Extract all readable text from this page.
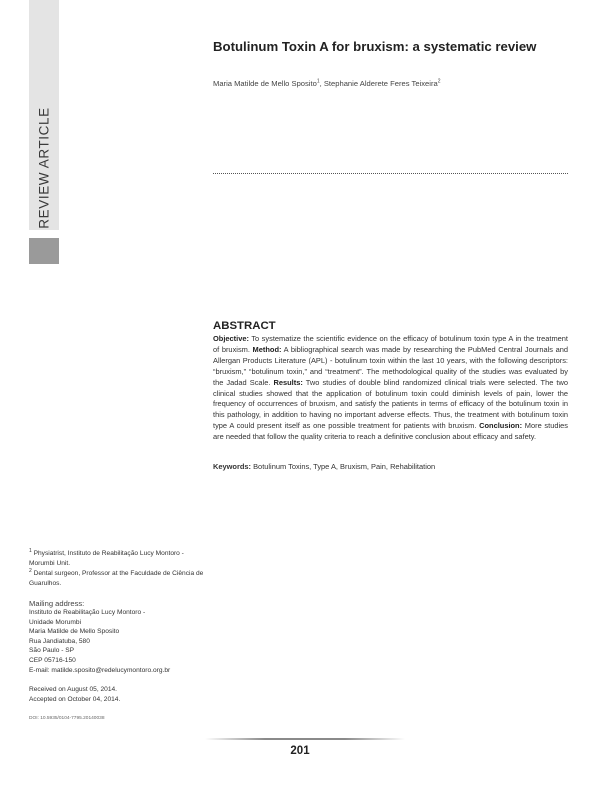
REVIEW ARTICLE
Botulinum Toxin A for bruxism: a systematic review
Maria Matilde de Mello Sposito$^1$, Stephanie Alderete Feres Teixeira$^2$
ABSTRACT
Objective: To systematize the scientific evidence on the efficacy of botulinum toxin type A in the treatment of bruxism. Method: A bibliographical search was made by researching the PubMed Central Journals and Allergan Products Literature (APL) - botulinum toxin within the last 10 years, with the following descriptors: “bruxism,” “botulinum toxin,” and “treatment”. The methodological quality of the studies was evaluated by the Jadad Scale. Results: Two studies of double blind randomized clinical trials were selected. The two clinical studies showed that the application of botulinum toxin could diminish levels of pain, lower the frequency of occurrences of bruxism, and satisfy the patients in terms of efficacy of the botulinum toxin in this pathology, in addition to having no important adverse effects. Thus, the treatment with botulinum toxin type A could present itself as one possible treatment for patients with bruxism. Conclusion: More studies are needed that follow the quality criteria to reach a definitive conclusion about efficacy and safety.
Keywords: Botulinum Toxins, Type A, Bruxism, Pain, Rehabilitation
$^1$ Physiatrist, Instituto de Reabilitação Lucy Montoro - Morumbi Unit.
$^2$ Dental surgeon, Professor at the Faculdade de Ciência de Guarulhos.
Mailing address:
Instituto de Reabilitação Lucy Montoro -
Unidade Morumbi
Maria Matilde de Mello Sposito
Rua Jandiatuba, 580
São Paulo - SP
CEP 05716-150
E-mail: matilde.sposito@redelucymontoro.org.br
Received on August 05, 2014.
Accepted on October 04, 2014.
DOI: 10.5935/0104-7795.20140038
201
